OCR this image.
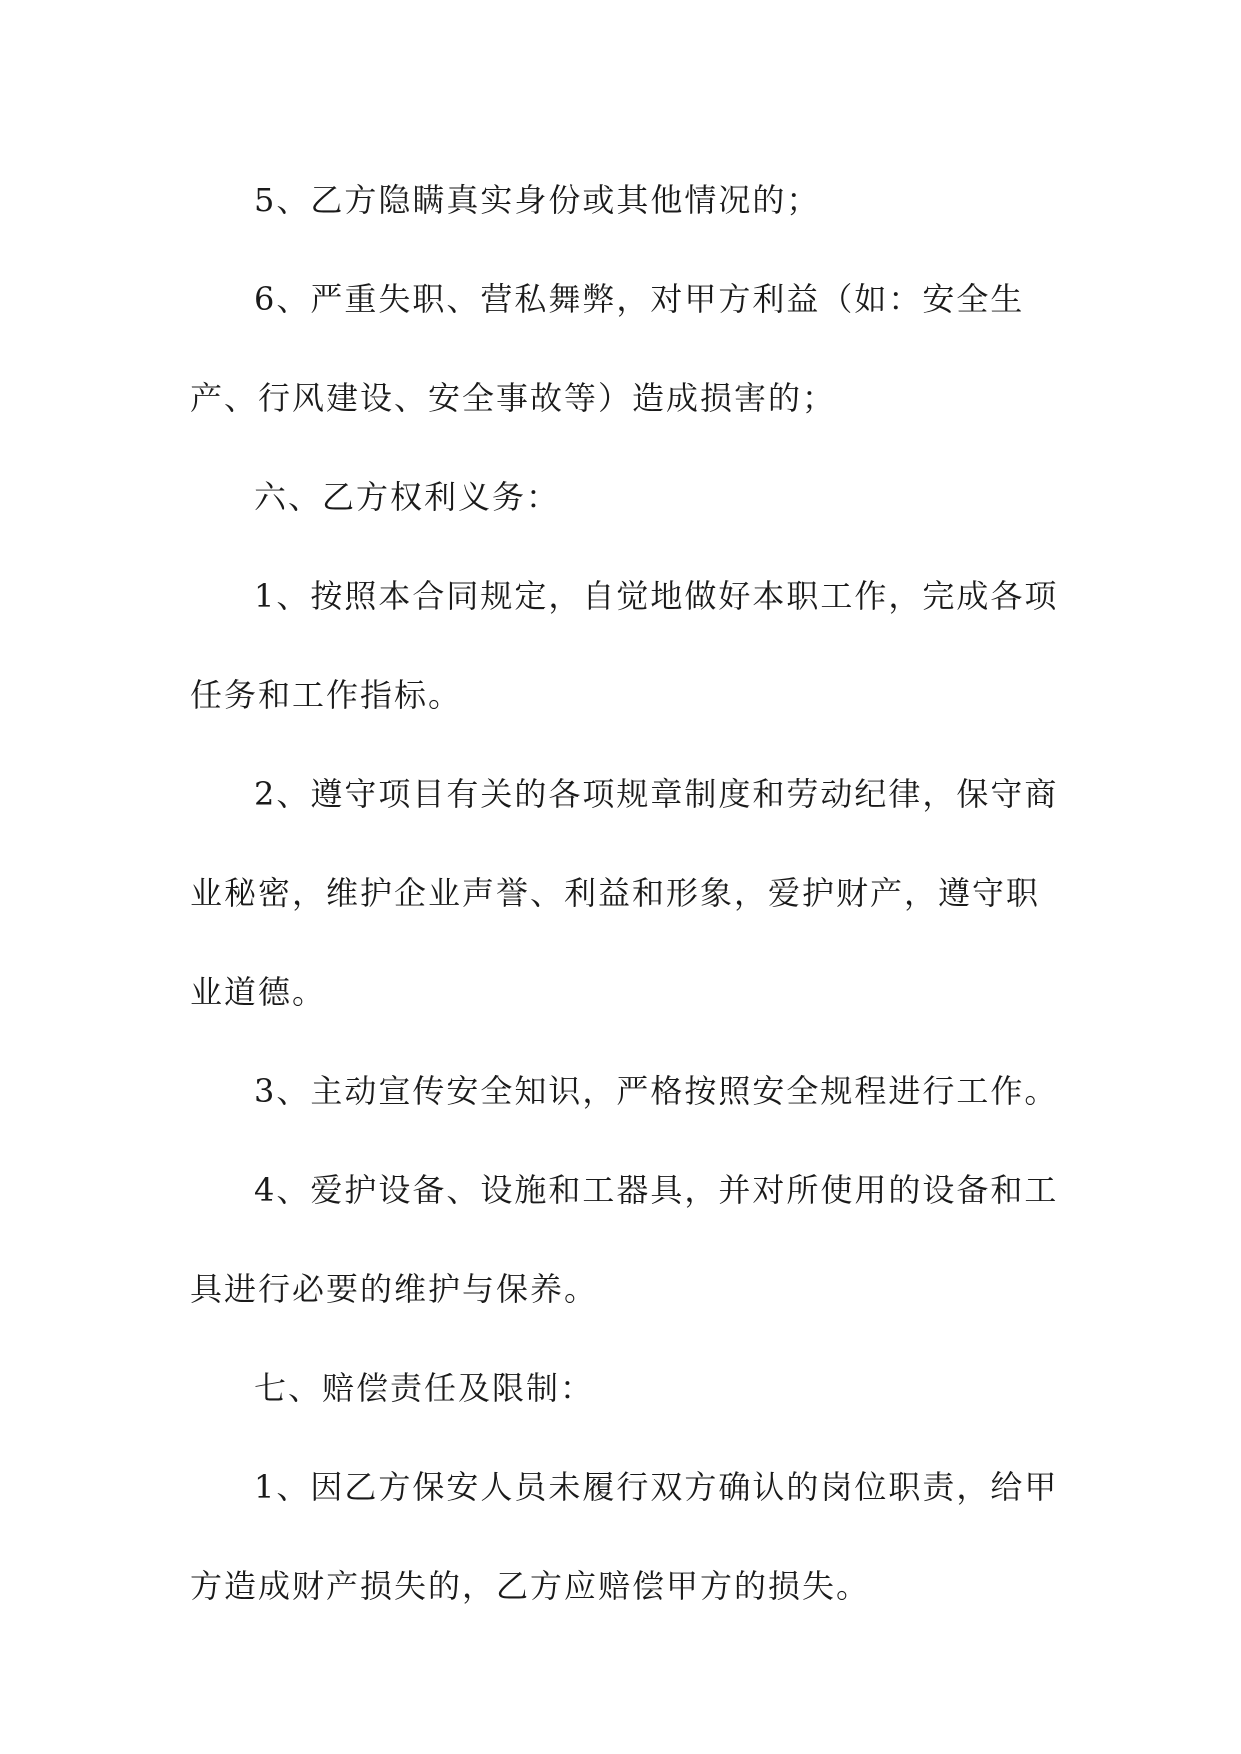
5、乙方隐瞒真实身份或其他情况的；

6、严重失职、营私舞弊，对甲方利益（如：安全生

产、行风建设、安全事故等）造成损害的；

六、乙方权利义务：

1、按照本合同规定，自觉地做好本职工作，完成各项

任务和工作指标。

2、遵守项目有关的各项规章制度和劳动纪律，保守商

业秘密，维护企业声誉、利益和形象，爱护财产，遵守职

业道德。

3、主动宣传安全知识，严格按照安全规程进行工作。

4、爱护设备、设施和工器具，并对所使用的设备和工

具进行必要的维护与保养。

七、赔偿责任及限制：

1、因乙方保安人员未履行双方确认的岗位职责，给甲

方造成财产损失的，乙方应赔偿甲方的损失。
